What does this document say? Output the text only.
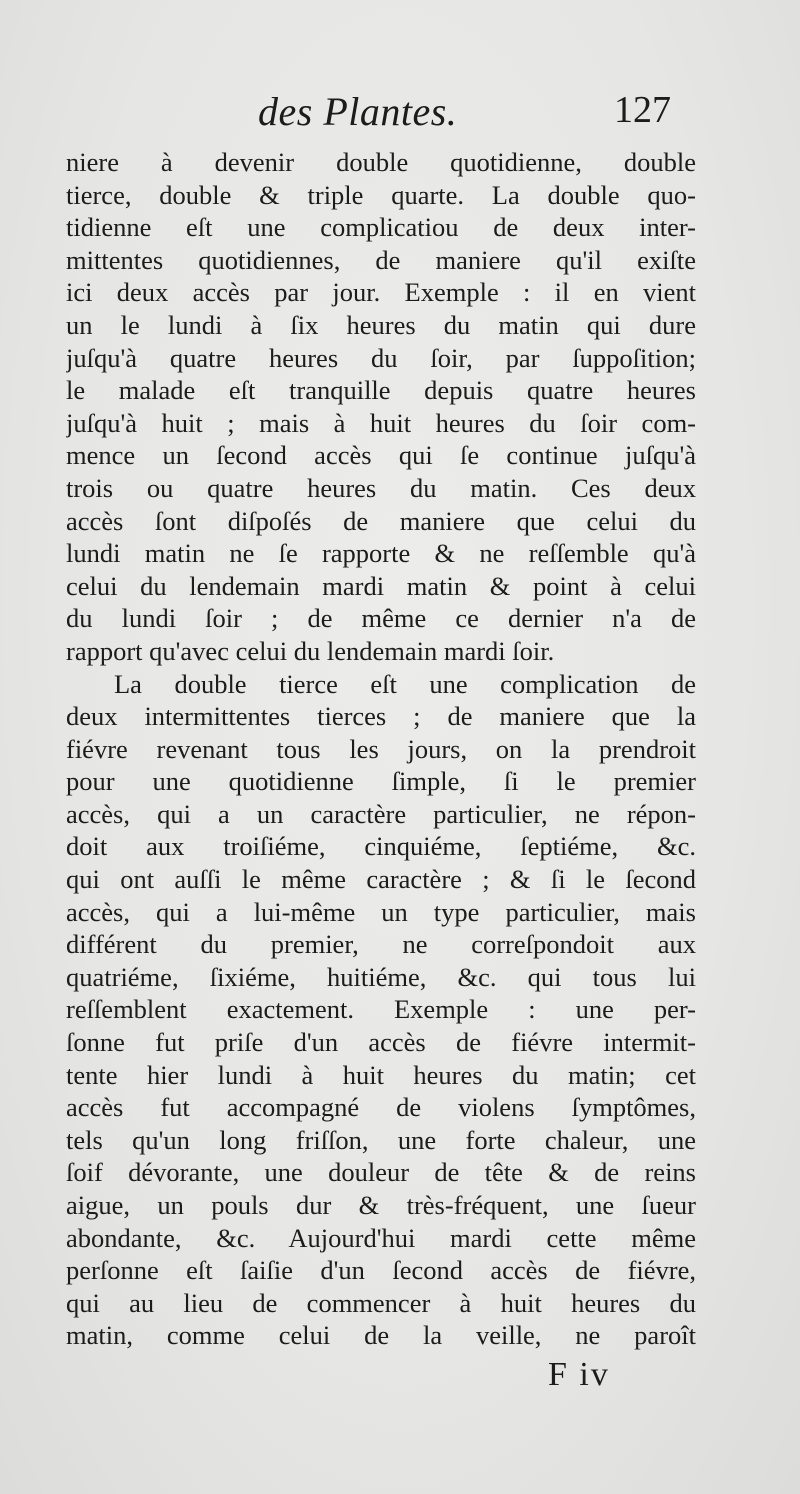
des Plantes.	127
niere à devenir double quotidienne, double
tierce, double & triple quarte. La double quo-
tidienne eſt une complicatiou de deux inter-
mittentes quotidiennes, de maniere qu'il exiſte
ici deux accès par jour. Exemple : il en vient
un le lundi à ſix heures du matin qui dure
juſqu'à quatre heures du ſoir, par ſuppoſition;
le malade eſt tranquille depuis quatre heures
juſqu'à huit ; mais à huit heures du ſoir com-
mence un ſecond accès qui ſe continue juſqu'à
trois ou quatre heures du matin. Ces deux
accès ſont diſpoſés de maniere que celui du
lundi matin ne ſe rapporte & ne reſſemble qu'à
celui du lendemain mardi matin & point à celui
du lundi ſoir ; de même ce dernier n'a de
rapport qu'avec celui du lendemain mardi ſoir.
La double tierce eſt une complication de
deux intermittentes tierces ; de maniere que la
fiévre revenant tous les jours, on la prendroit
pour une quotidienne ſimple, ſi le premier
accès, qui a un caractère particulier, ne répon-
doit aux troiſiéme, cinquiéme, ſeptiéme, &c.
qui ont auſſi le même caractère ; & ſi le ſecond
accès, qui a lui-même un type particulier, mais
différent du premier, ne correſpondoit aux
quatriéme, ſixiéme, huitiéme, &c. qui tous lui
reſſemblent exactement. Exemple : une per-
ſonne fut priſe d'un accès de fiévre intermit-
tente hier lundi à huit heures du matin; cet
accès fut accompagné de violens ſymptômes,
tels qu'un long friſſon, une forte chaleur, une
ſoif dévorante, une douleur de tête & de reins
aigue, un pouls dur & très-fréquent, une ſueur
abondante, &c. Aujourd'hui mardi cette même
perſonne eſt ſaiſie d'un ſecond accès de fiévre,
qui au lieu de commencer à huit heures du
matin, comme celui de la veille, ne paroît
F iv
